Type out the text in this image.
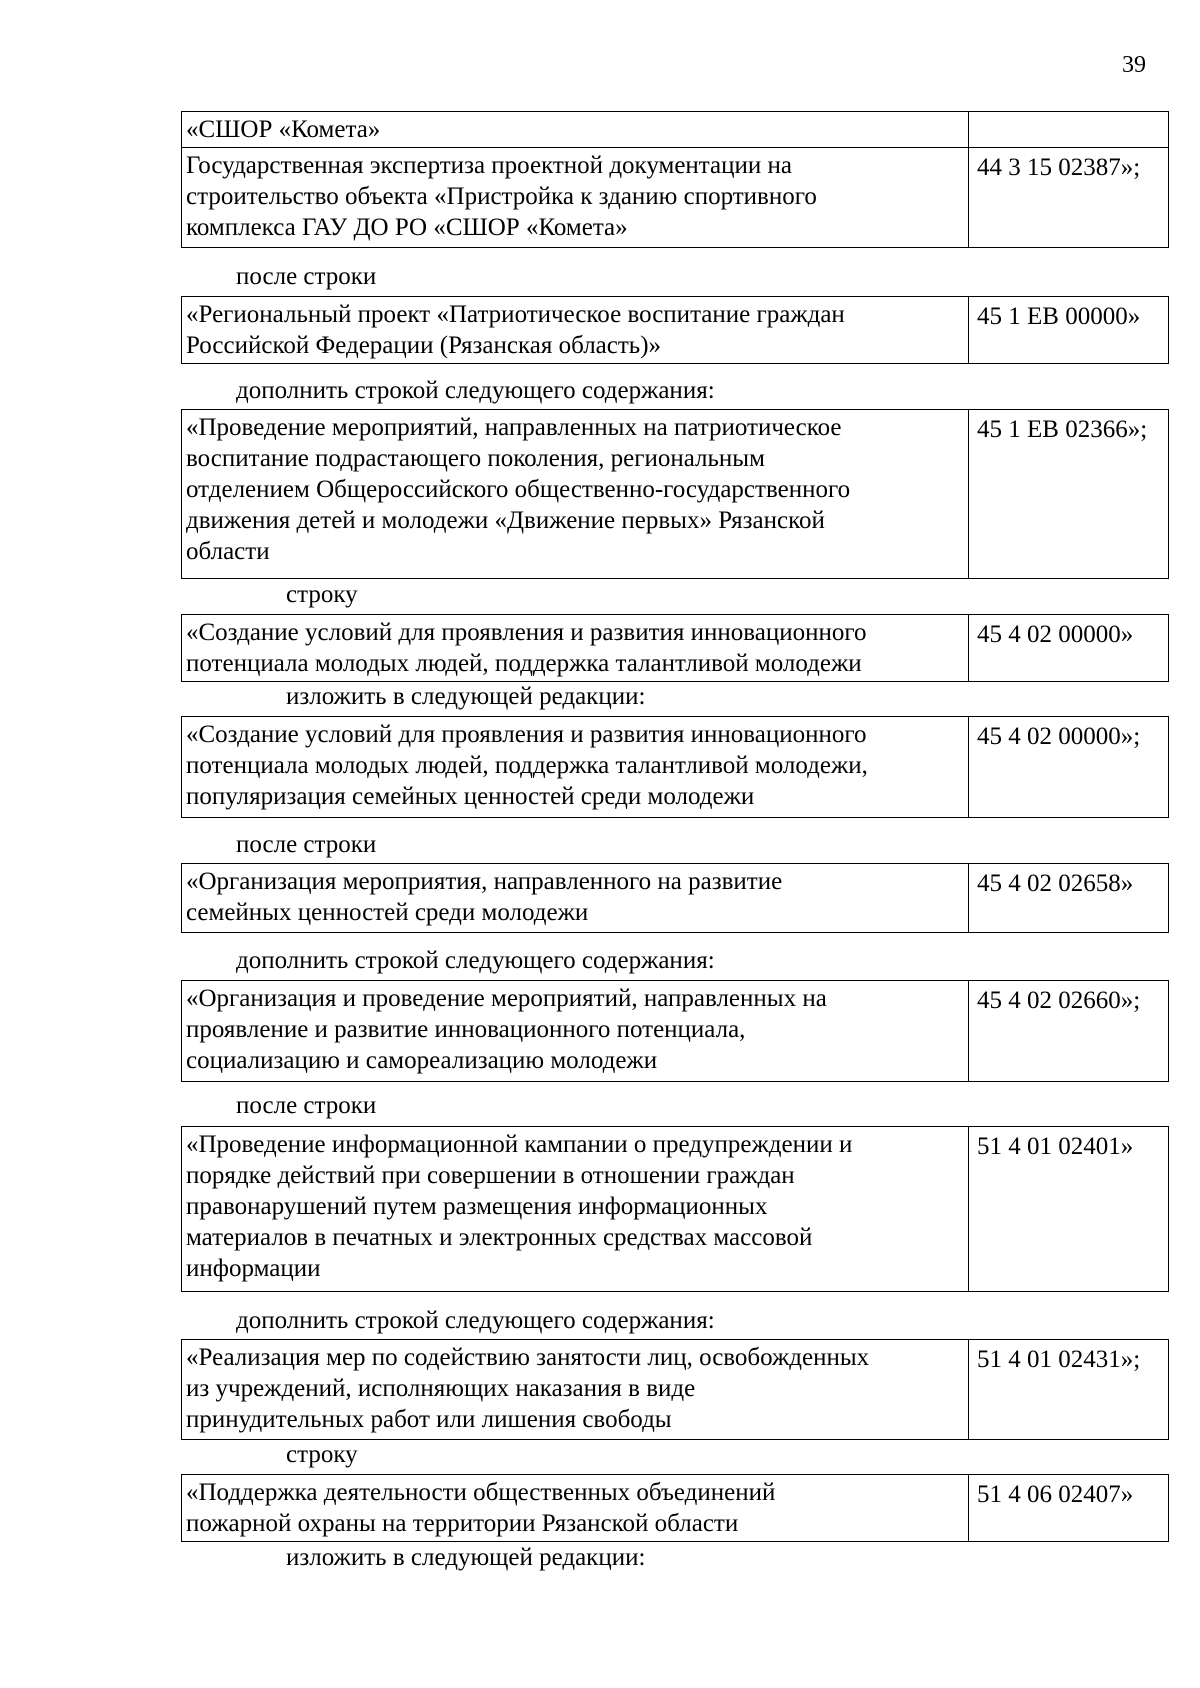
39
«СШОР «Комета»
Государственная экспертиза проектной документации на
строительство объекта «Пристройка к зданию спортивного
комплекса ГАУ ДО РО «СШОР «Комета»
44 3 15 02387»;
после строки
«Региональный проект «Патриотическое воспитание граждан
Российской Федерации (Рязанская область)»
45 1 ЕВ 00000»
дополнить строкой следующего содержания:
«Проведение мероприятий, направленных на патриотическое
воспитание подрастающего поколения, региональным
отделением Общероссийского общественно-государственного
движения детей и молодежи «Движение первых» Рязанской
области
45 1 ЕВ 02366»;
строку
«Создание условий для проявления и развития инновационного
потенциала молодых людей, поддержка талантливой молодежи
45 4 02 00000»
изложить в следующей редакции:
«Создание условий для проявления и развития инновационного
потенциала молодых людей, поддержка талантливой молодежи,
популяризация семейных ценностей среди молодежи
45 4 02 00000»;
после строки
«Организация мероприятия, направленного на развитие
семейных ценностей среди молодежи
45 4 02 02658»
дополнить строкой следующего содержания:
«Организация и проведение мероприятий, направленных на
проявление и развитие инновационного потенциала,
социализацию и самореализацию молодежи
45 4 02 02660»;
после строки
«Проведение информационной кампании о предупреждении и
порядке действий при совершении в отношении граждан
правонарушений путем размещения информационных
материалов в печатных и электронных средствах массовой
информации
51 4 01 02401»
дополнить строкой следующего содержания:
«Реализация мер по содействию занятости лиц, освобожденных
из учреждений, исполняющих наказания в виде
принудительных работ или лишения свободы
51 4 01 02431»;
строку
«Поддержка деятельности общественных объединений
пожарной охраны на территории Рязанской области
51 4 06 02407»
изложить в следующей редакции:
